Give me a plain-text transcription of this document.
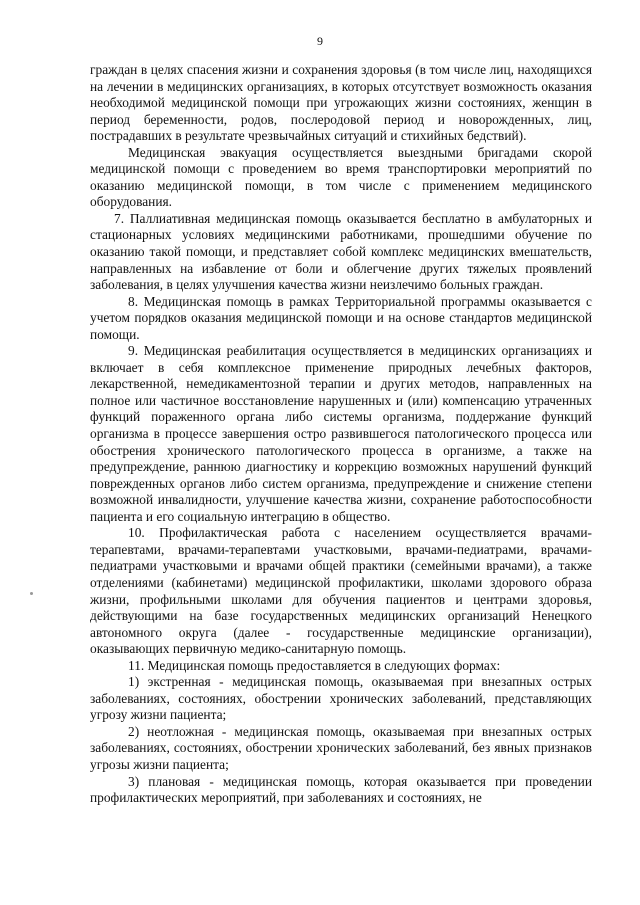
9

граждан в целях спасения жизни и сохранения здоровья (в том числе лиц, находящихся на лечении в медицинских организациях, в которых отсутствует возможность оказания необходимой медицинской помощи при угрожающих жизни состояниях, женщин в период беременности, родов, послеродовой период и новорожденных, лиц, пострадавших в результате чрезвычайных ситуаций и стихийных бедствий).

Медицинская эвакуация осуществляется выездными бригадами скорой медицинской помощи с проведением во время транспортировки мероприятий по оказанию медицинской помощи, в том числе с применением медицинского оборудования.

7. Паллиативная медицинская помощь оказывается бесплатно в амбулаторных и стационарных условиях медицинскими работниками, прошедшими обучение по оказанию такой помощи, и представляет собой комплекс медицинских вмешательств, направленных на избавление от боли и облегчение других тяжелых проявлений заболевания, в целях улучшения качества жизни неизлечимо больных граждан.

8. Медицинская помощь в рамках Территориальной программы оказывается с учетом порядков оказания медицинской помощи и на основе стандартов медицинской помощи.

9. Медицинская реабилитация осуществляется в медицинских организациях и включает в себя комплексное применение природных лечебных факторов, лекарственной, немедикаментозной терапии и других методов, направленных на полное или частичное восстановление нарушенных и (или) компенсацию утраченных функций пораженного органа либо системы организма, поддержание функций организма в процессе завершения остро развившегося патологического процесса или обострения хронического патологического процесса в организме, а также на предупреждение, раннюю диагностику и коррекцию возможных нарушений функций поврежденных органов либо систем организма, предупреждение и снижение степени возможной инвалидности, улучшение качества жизни, сохранение работоспособности пациента и его социальную интеграцию в общество.

10. Профилактическая работа с населением осуществляется врачами-терапевтами, врачами-терапевтами участковыми, врачами-педиатрами, врачами-педиатрами участковыми и врачами общей практики (семейными врачами), а также отделениями (кабинетами) медицинской профилактики, школами здорового образа жизни, профильными школами для обучения пациентов и центрами здоровья, действующими на базе государственных медицинских организаций Ненецкого автономного округа (далее - государственные медицинские организации), оказывающих первичную медико-санитарную помощь.

11. Медицинская помощь предоставляется в следующих формах:

1) экстренная - медицинская помощь, оказываемая при внезапных острых заболеваниях, состояниях, обострении хронических заболеваний, представляющих угрозу жизни пациента;

2) неотложная - медицинская помощь, оказываемая при внезапных острых заболеваниях, состояниях, обострении хронических заболеваний, без явных признаков угрозы жизни пациента;

3) плановая - медицинская помощь, которая оказывается при проведении профилактических мероприятий, при заболеваниях и состояниях, не
